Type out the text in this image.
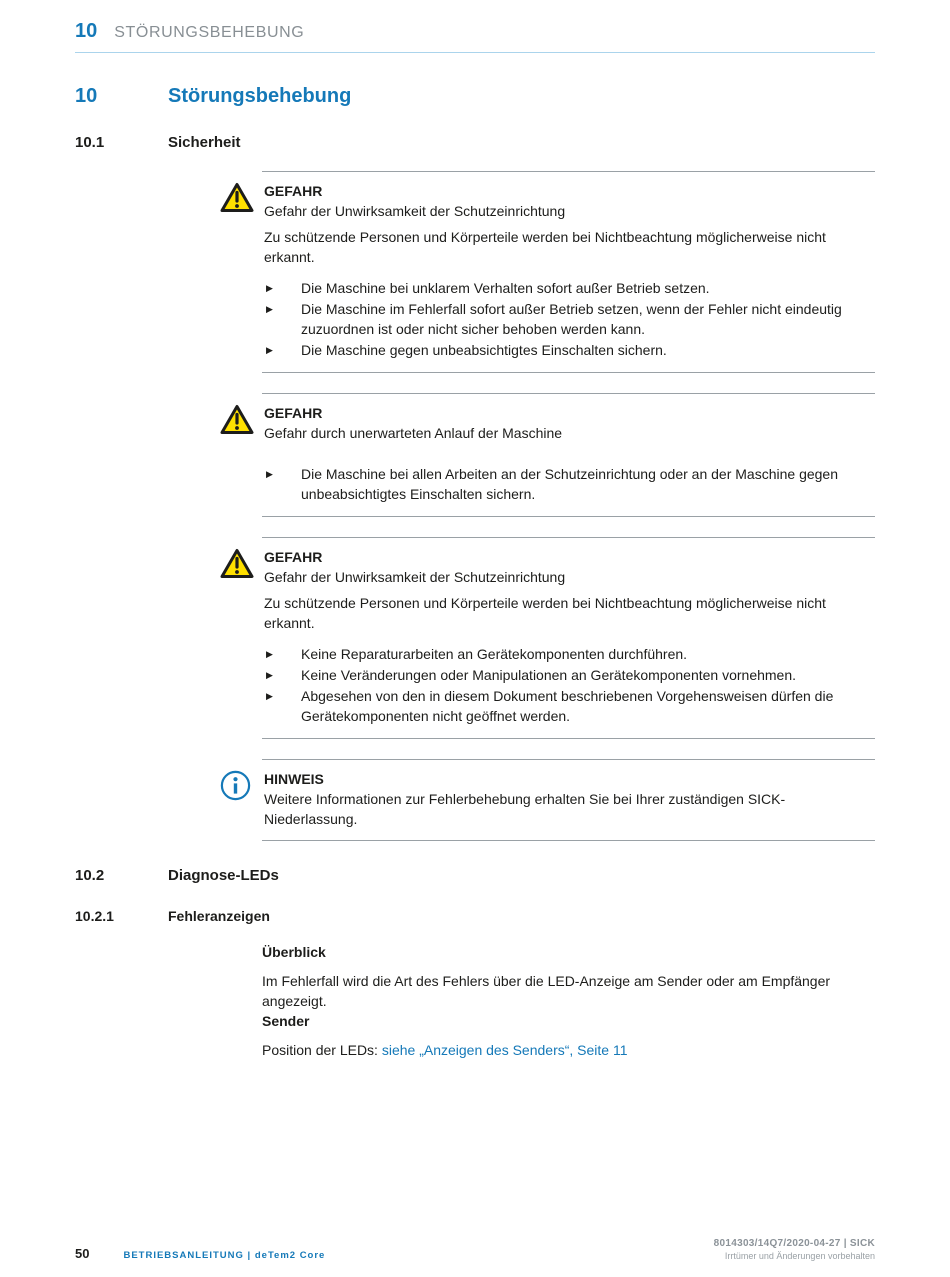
10 STÖRUNGSBEHEBUNG
10	Störungsbehebung
10.1	Sicherheit
GEFAHR
Gefahr der Unwirksamkeit der Schutzeinrichtung

Zu schützende Personen und Körperteile werden bei Nichtbeachtung möglicherweise nicht erkannt.

▶ Die Maschine bei unklarem Verhalten sofort außer Betrieb setzen.
▶ Die Maschine im Fehlerfall sofort außer Betrieb setzen, wenn der Fehler nicht eindeutig zuzuordnen ist oder nicht sicher behoben werden kann.
▶ Die Maschine gegen unbeabsichtigtes Einschalten sichern.
GEFAHR
Gefahr durch unerwarteten Anlauf der Maschine
▶ Die Maschine bei allen Arbeiten an der Schutzeinrichtung oder an der Maschine gegen unbeabsichtigtes Einschalten sichern.
GEFAHR
Gefahr der Unwirksamkeit der Schutzeinrichtung

Zu schützende Personen und Körperteile werden bei Nichtbeachtung möglicherweise nicht erkannt.

▶ Keine Reparaturarbeiten an Gerätekomponenten durchführen.
▶ Keine Veränderungen oder Manipulationen an Gerätekomponenten vornehmen.
▶ Abgesehen von den in diesem Dokument beschriebenen Vorgehensweisen dürfen die Gerätekomponenten nicht geöffnet werden.
HINWEIS

Weitere Informationen zur Fehlerbehebung erhalten Sie bei Ihrer zuständigen SICK-Niederlassung.

10.2	Diagnose-LEDs
10.2.1	Fehleranzeigen
Überblick

Im Fehlerfall wird die Art des Fehlers über die LED-Anzeige am Sender oder am Empfänger angezeigt.

Sender

Position der LEDs: siehe „Anzeigen des Senders“, Seite 11

50	BETRIEBSANLEITUNG | deTem2 Core
8014303/14Q7/2020-04-27 | SICK
Irrtümer und Änderungen vorbehalten
